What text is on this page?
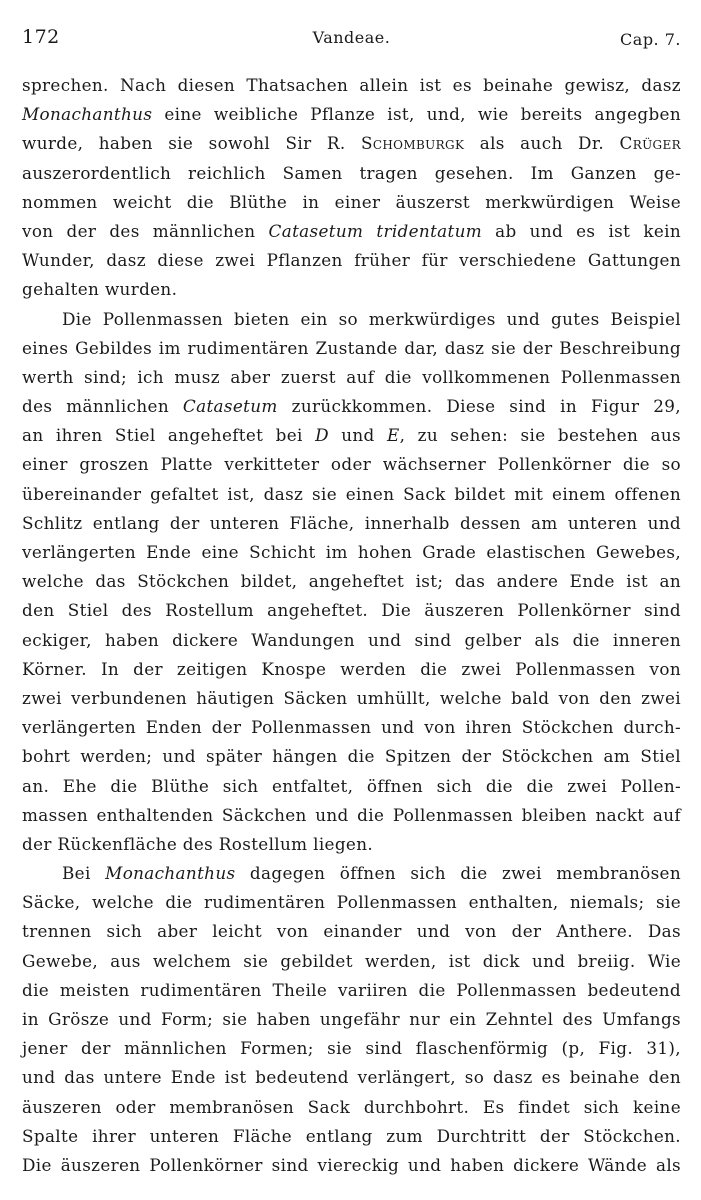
172	Vandeae.	Cap. 7.
sprechen. Nach diesen Thatsachen allein ist es beinahe gewisz, dasz
Monachanthus eine weibliche Pflanze ist, und, wie bereits angegben
wurde, haben sie sowohl Sir R. Schomburgk als auch Dr. Crüger
auszerordentlich reichlich Samen tragen gesehen. Im Ganzen ge-
nommen weicht die Blüthe in einer äuszerst merkwürdigen Weise
von der des männlichen Catasetum tridentatum ab und es ist kein
Wunder, dasz diese zwei Pflanzen früher für verschiedene Gattungen
gehalten wurden.
Die Pollenmassen bieten ein so merkwürdiges und gutes Beispiel
eines Gebildes im rudimentären Zustande dar, dasz sie der Beschreibung
werth sind; ich musz aber zuerst auf die vollkommenen Pollenmassen
des männlichen Catasetum zurückkommen. Diese sind in Figur 29,
an ihren Stiel angeheftet bei D und E, zu sehen: sie bestehen aus
einer groszen Platte verkitteter oder wächserner Pollenkörner die so
übereinander gefaltet ist, dasz sie einen Sack bildet mit einem offenen
Schlitz entlang der unteren Fläche, innerhalb dessen am unteren und
verlängerten Ende eine Schicht im hohen Grade elastischen Gewebes,
welche das Stöckchen bildet, angeheftet ist; das andere Ende ist an
den Stiel des Rostellum angeheftet. Die äuszeren Pollenkörner sind
eckiger, haben dickere Wandungen und sind gelber als die inneren
Körner. In der zeitigen Knospe werden die zwei Pollenmassen von
zwei verbundenen häutigen Säcken umhüllt, welche bald von den zwei
verlängerten Enden der Pollenmassen und von ihren Stöckchen durch-
bohrt werden; und später hängen die Spitzen der Stöckchen am Stiel
an. Ehe die Blüthe sich entfaltet, öffnen sich die die zwei Pollen-
massen enthaltenden Säckchen und die Pollenmassen bleiben nackt auf
der Rückenfläche des Rostellum liegen.
Bei Monachanthus dagegen öffnen sich die zwei membranösen
Säcke, welche die rudimentären Pollenmassen enthalten, niemals; sie
trennen sich aber leicht von einander und von der Anthere. Das
Gewebe, aus welchem sie gebildet werden, ist dick und breiig. Wie
die meisten rudimentären Theile variiren die Pollenmassen bedeutend
in Grösze und Form; sie haben ungefähr nur ein Zehntel des Umfangs
jener der männlichen Formen; sie sind flaschenförmig (p, Fig. 31),
und das untere Ende ist bedeutend verlängert, so dasz es beinahe den
äuszeren oder membranösen Sack durchbohrt. Es findet sich keine
Spalte ihrer unteren Fläche entlang zum Durchtritt der Stöckchen.
Die äuszeren Pollenkörner sind viereckig und haben dickere Wände als
